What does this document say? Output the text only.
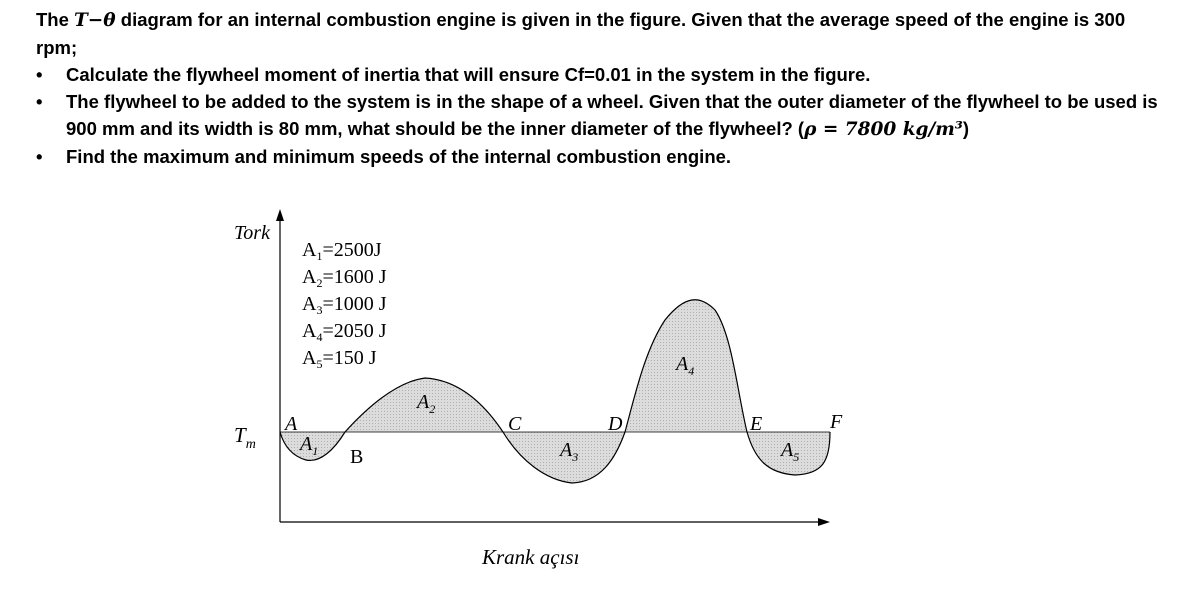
The T−θ diagram for an internal combustion engine is given in the figure. Given that the average speed of the engine is 300 rpm;

• Calculate the flywheel moment of inertia that will ensure Cf=0.01 in the system in the figure.
• The flywheel to be added to the system is in the shape of a wheel. Given that the outer diameter of the flywheel to be used is 900 mm and its width is 80 mm, what should be the inner diameter of the flywheel? (ρ = 7800 kg/m³)
• Find the maximum and minimum speeds of the internal combustion engine.
Tork
Krank açısı
$T_m$
$A_1=2500J$
$A_2=1600$ J
$A_3=1000$ J
$A_4=2050$ J
$A_5=150$ J
A
B
C	D	E	F
$A_1$
$A_2$
$A_3$
$A_4$
$A_5$
